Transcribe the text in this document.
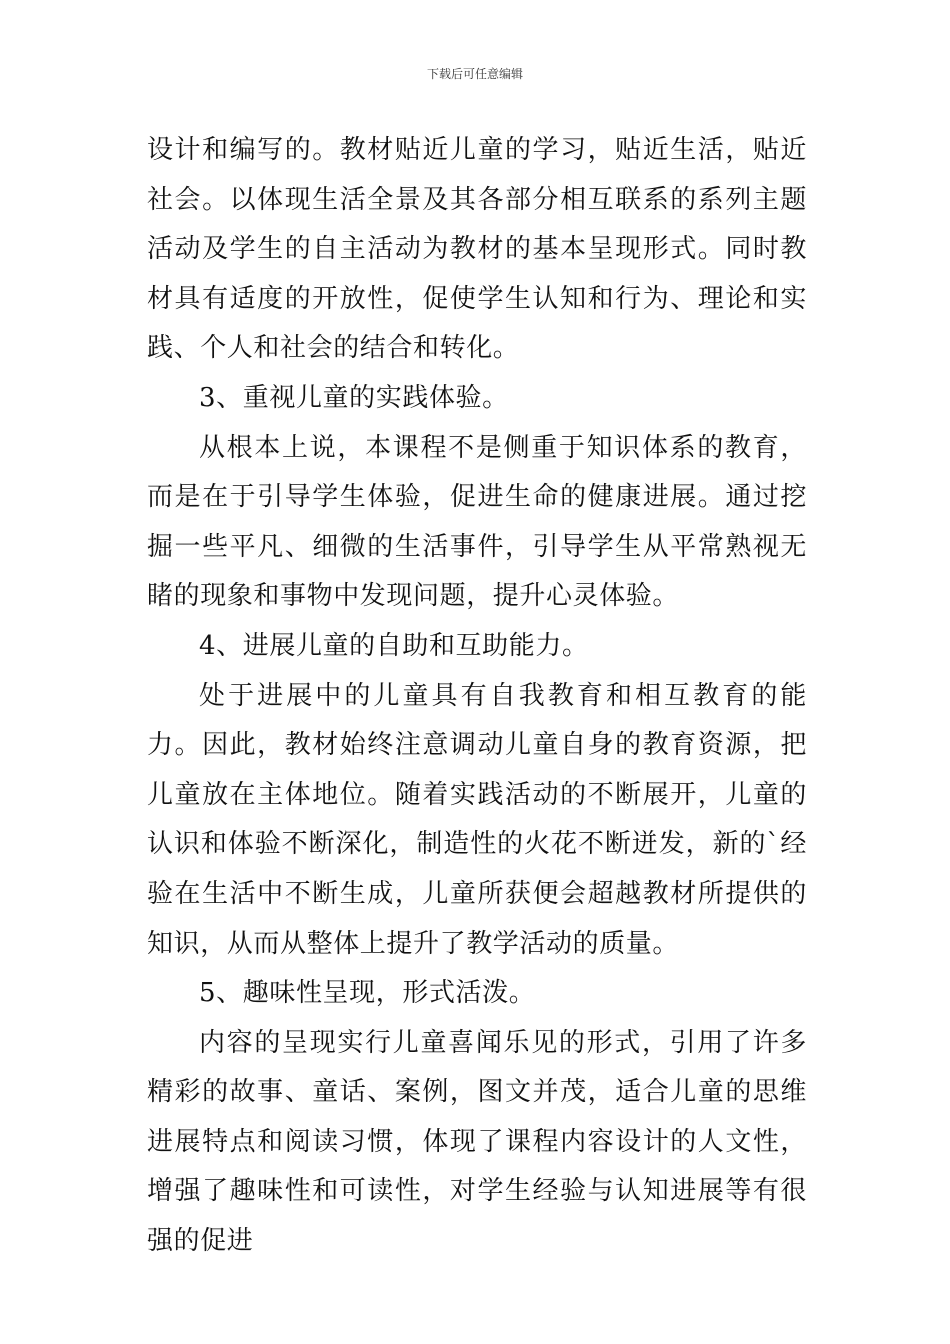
下载后可任意编辑

设计和编写的。教材贴近儿童的学习，贴近生活，贴近社会。以体现生活全景及其各部分相互联系的系列主题活动及学生的自主活动为教材的基本呈现形式。同时教材具有适度的开放性，促使学生认知和行为、理论和实践、个人和社会的结合和转化。

3、重视儿童的实践体验。

从根本上说，本课程不是侧重于知识体系的教育，而是在于引导学生体验，促进生命的健康进展。通过挖掘一些平凡、细微的生活事件，引导学生从平常熟视无睹的现象和事物中发现问题，提升心灵体验。

4、进展儿童的自助和互助能力。

处于进展中的儿童具有自我教育和相互教育的能力。因此，教材始终注意调动儿童自身的教育资源，把儿童放在主体地位。随着实践活动的不断展开，儿童的认识和体验不断深化，制造性的火花不断迸发，新的`经验在生活中不断生成，儿童所获便会超越教材所提供的知识，从而从整体上提升了教学活动的质量。

5、趣味性呈现，形式活泼。

内容的呈现实行儿童喜闻乐见的形式，引用了许多精彩的故事、童话、案例，图文并茂，适合儿童的思维进展特点和阅读习惯，体现了课程内容设计的人文性，增强了趣味性和可读性，对学生经验与认知进展等有很强的促进
